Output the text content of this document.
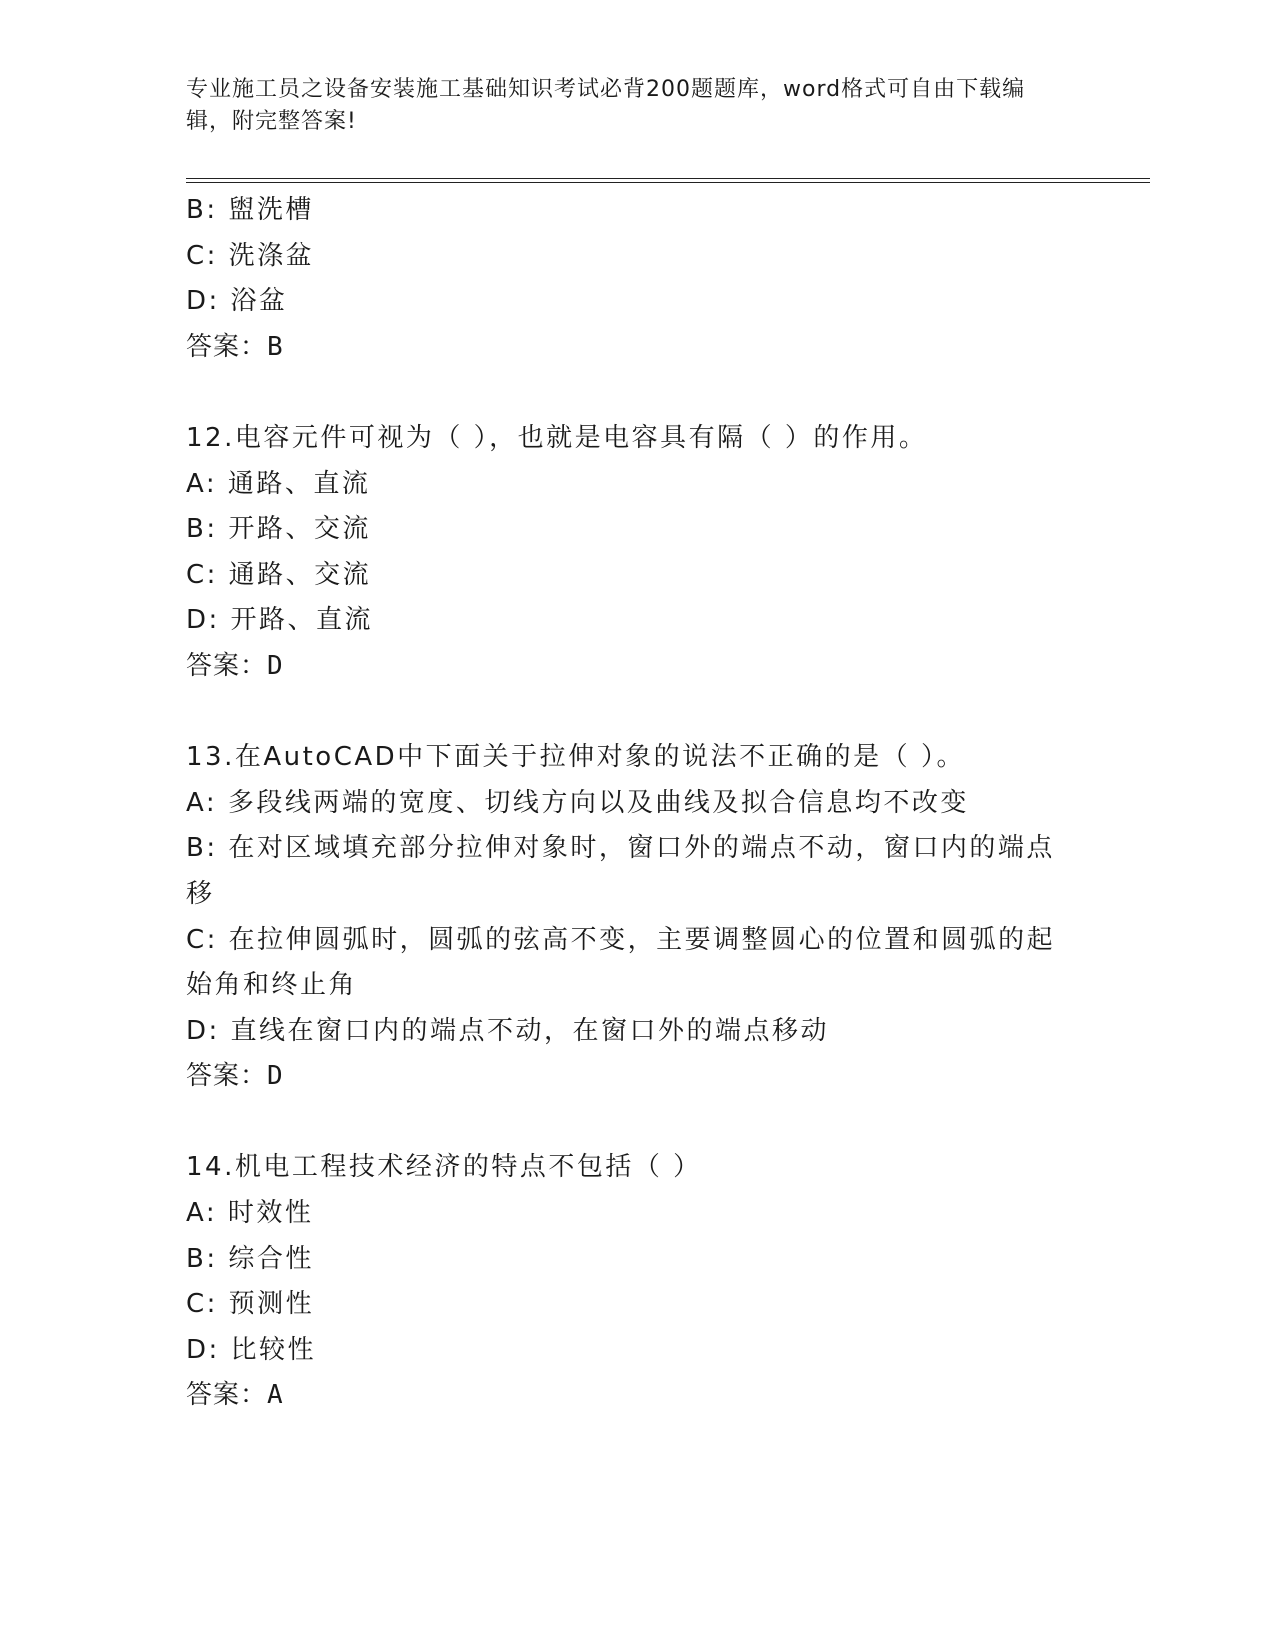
专业施工员之设备安装施工基础知识考试必背200题题库，word格式可自由下载编辑，附完整答案!
B: 盥洗槽
C: 洗涤盆
D: 浴盆
答案：B
12.电容元件可视为（ ），也就是电容具有隔（ ）的作用。
A: 通路、直流
B: 开路、交流
C: 通路、交流
D: 开路、直流
答案：D
13.在AutoCAD中下面关于拉伸对象的说法不正确的是（ ）。
A: 多段线两端的宽度、切线方向以及曲线及拟合信息均不改变
B: 在对区域填充部分拉伸对象时，窗口外的端点不动，窗口内的端点移
C: 在拉伸圆弧时，圆弧的弦高不变，主要调整圆心的位置和圆弧的起始角和终止角
D: 直线在窗口内的端点不动，在窗口外的端点移动
答案：D
14.机电工程技术经济的特点不包括（ ）
A: 时效性
B: 综合性
C: 预测性
D: 比较性
答案：A
